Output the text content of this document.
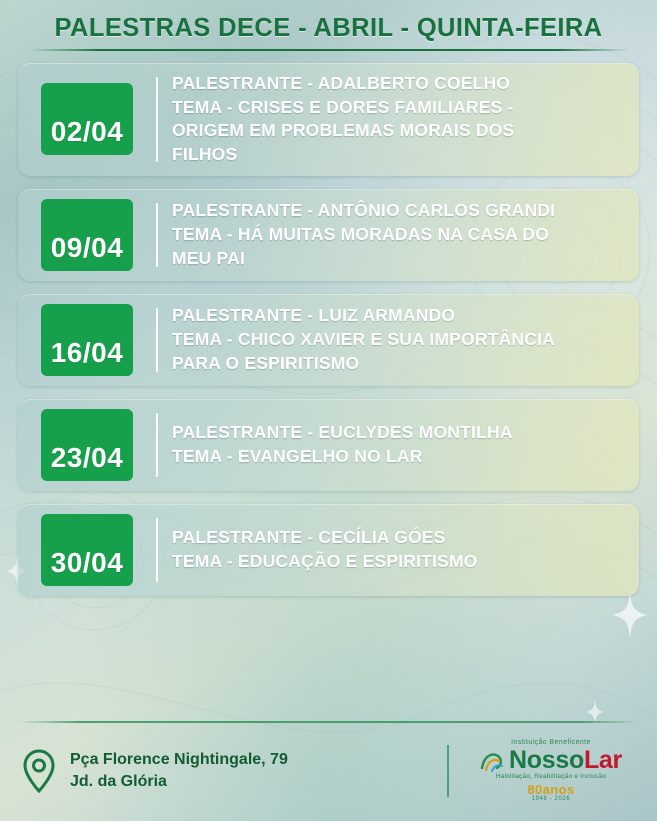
PALESTRAS DECE - ABRIL - QUINTA-FEIRA
02/04
PALESTRANTE - ADALBERTO COELHO
TEMA - CRISES E DORES FAMILIARES -
ORIGEM EM PROBLEMAS MORAIS DOS
FILHOS
09/04
PALESTRANTE - ANTÔNIO CARLOS GRANDI
TEMA - HÁ MUITAS MORADAS NA CASA DO
MEU PAI
16/04
PALESTRANTE - LUIZ ARMANDO
TEMA - CHICO XAVIER E SUA IMPORTÂNCIA
PARA O ESPIRITISMO
23/04
PALESTRANTE - EUCLYDES MONTILHA
TEMA - EVANGELHO NO LAR
30/04
PALESTRANTE - CECÍLIA GÓES
TEMA - EDUCAÇÃO E ESPIRITISMO
Pça Florence Nightingale, 79
Jd. da Glória
Instituição Beneficente
NossoLar
Habilitação, Reabilitação e Inclusão
80anos
1946 - 2026
